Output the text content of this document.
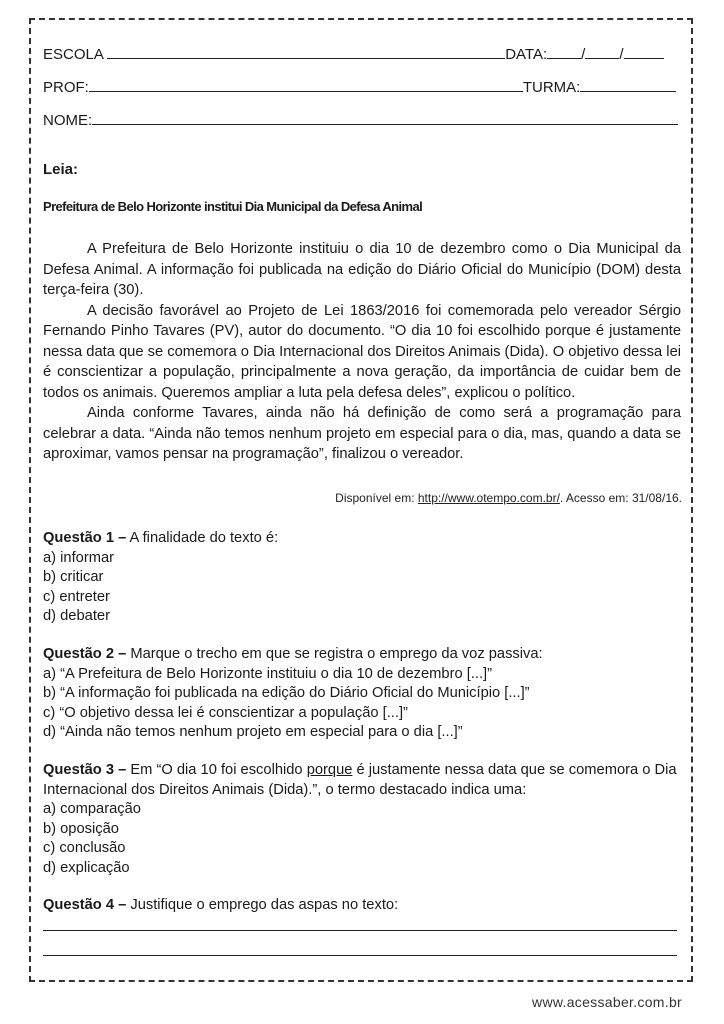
ESCOLA	DATA: / /
PROF:	TURMA:
NOME:
Leia:
Prefeitura de Belo Horizonte institui Dia Municipal da Defesa Animal

A Prefeitura de Belo Horizonte instituiu o dia 10 de dezembro como o Dia Municipal da Defesa Animal. A informação foi publicada na edição do Diário Oficial do Município (DOM) desta terça-feira (30).

A decisão favorável ao Projeto de Lei 1863/2016 foi comemorada pelo vereador Sérgio Fernando Pinho Tavares (PV), autor do documento. “O dia 10 foi escolhido porque é justamente nessa data que se comemora o Dia Internacional dos Direitos Animais (Dida). O objetivo dessa lei é conscientizar a população, principalmente a nova geração, da importância de cuidar bem de todos os animais. Queremos ampliar a luta pela defesa deles”, explicou o político.

Ainda conforme Tavares, ainda não há definição de como será a programação para celebrar a data. “Ainda não temos nenhum projeto em especial para o dia, mas, quando a data se aproximar, vamos pensar na programação”, finalizou o vereador.

Disponível em: http://www.otempo.com.br/. Acesso em: 31/08/16.
Questão 1 – A finalidade do texto é:
a) informar
b) criticar
c) entreter
d) debater
Questão 2 – Marque o trecho em que se registra o emprego da voz passiva:
a) “A Prefeitura de Belo Horizonte instituiu o dia 10 de dezembro [...]”
b) “A informação foi publicada na edição do Diário Oficial do Município [...]”
c) “O objetivo dessa lei é conscientizar a população [...]”
d) “Ainda não temos nenhum projeto em especial para o dia [...]”
Questão 3 – Em “O dia 10 foi escolhido porque é justamente nessa data que se comemora o Dia Internacional dos Direitos Animais (Dida).”, o termo destacado indica uma:
a) comparação
b) oposição
c) conclusão
d) explicação
Questão 4 – Justifique o emprego das aspas no texto:
www.acessaber.com.br
